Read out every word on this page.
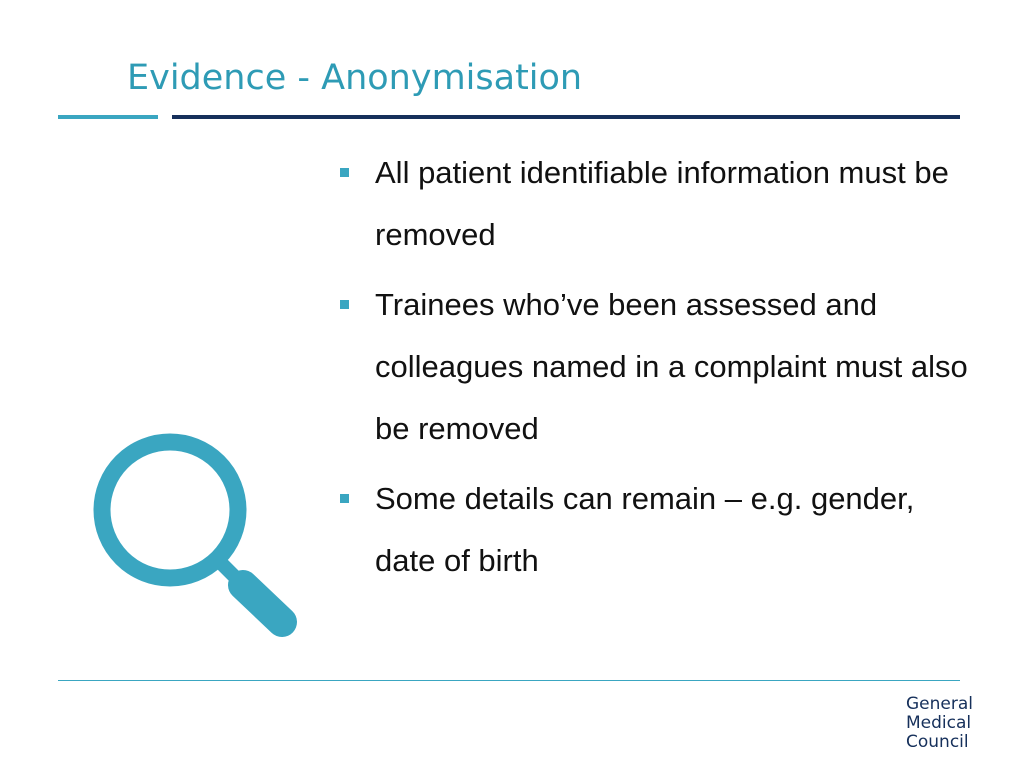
Evidence - Anonymisation
All patient identifiable information must be removed
Trainees who’ve been assessed and colleagues named in a complaint must also be removed
Some details can remain – e.g. gender, date of birth
General
Medical
Council
